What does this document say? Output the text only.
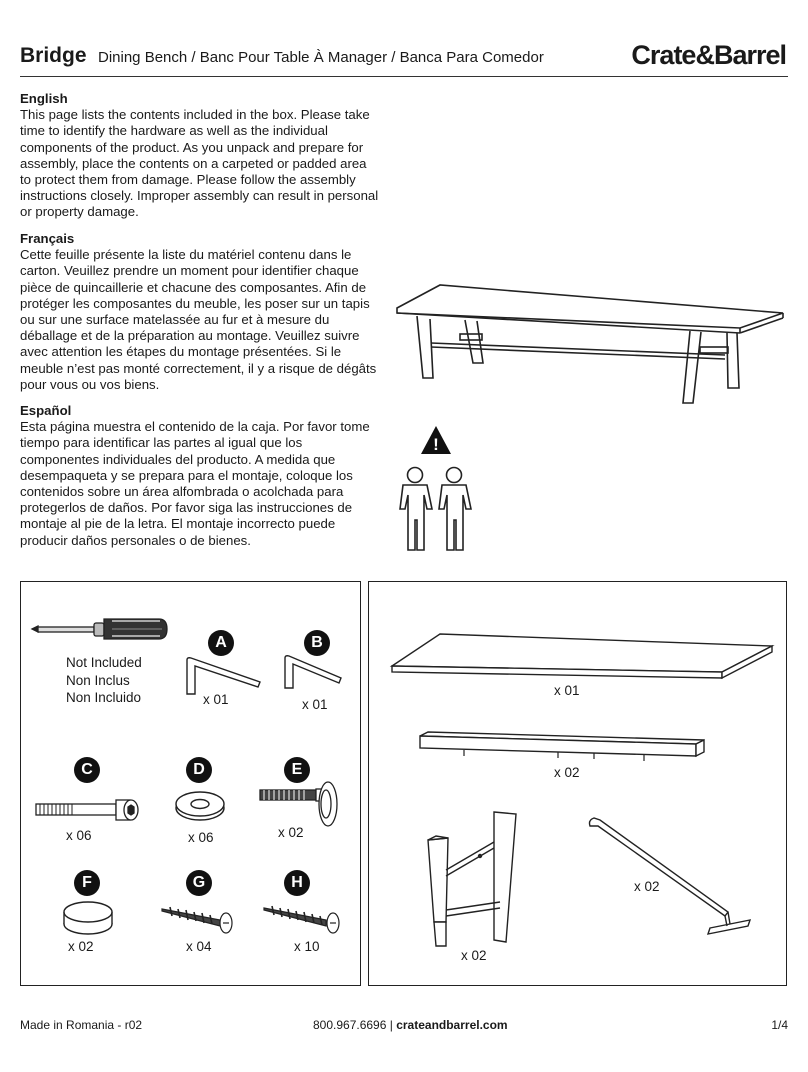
Bridge Dining Bench / Banc Pour Table À Manager / Banca Para Comedor	Crate&Barrel
English

This page lists the contents included in the box. Please take time to identify the hardware as well as the individual components of the product. As you unpack and prepare for assembly, place the contents on a carpeted or padded area to protect them from damage. Please follow the assembly instructions closely. Improper assembly can result in personal or property damage.

Français

Cette feuille présente la liste du matériel contenu dans le carton. Veuillez prendre un moment pour identifier chaque pièce de quincaillerie et chacune des composantes. Afin de protéger les composantes du meuble, les poser sur un tapis ou sur une surface matelassée au fur et à mesure du déballage et de la préparation au montage. Veuillez suivre avec attention les étapes du montage présentées. Si le meuble n’est pas monté correctement, il y a risque de dégâts pour vous ou vos biens.

Español

Esta página muestra el contenido de la caja. Por favor tome tiempo para identificar las partes al igual que los componentes individuales del producto. A medida que desempaqueta y se prepara para el montaje, coloque los contenidos sobre un área alfombrada o acolchada para protegerlos de daños. Por favor siga las instrucciones de montaje al pie de la letra. El montaje incorrecto puede producir daños personales o de bienes.

!
Not Included
Non Inclus
Non Incluido
A
x 01
B
x 01
C
x 06
D
x 06
E
x 02
F
x 02
G
x 04
H
x 10
x 01
x 02
x 02
x 02
Made in Romania - r02	800.967.6696 | crateandbarrel.com	1/4
